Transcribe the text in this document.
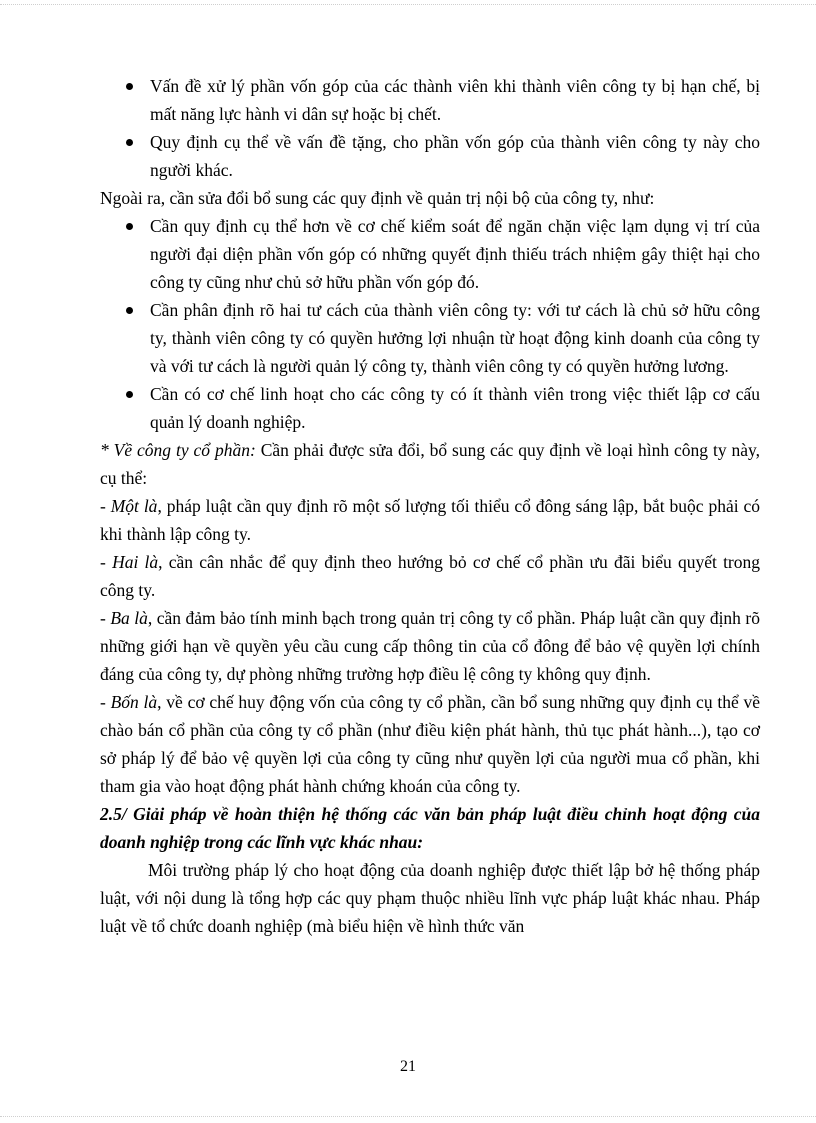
Vấn đề xử lý phần vốn góp của các thành viên khi thành viên công ty bị hạn chế, bị mất năng lực hành vi dân sự hoặc bị chết.
Quy định cụ thể về vấn đề tặng, cho phần vốn góp của thành viên công ty này cho người khác.

Ngoài ra, cần sửa đổi bổ sung các quy định về quản trị nội bộ của công ty, như:

Cần quy định cụ thể hơn về cơ chế kiểm soát để ngăn chặn việc lạm dụng vị trí của người đại diện phần vốn góp có những quyết định thiếu trách nhiệm gây thiệt hại cho công ty cũng như chủ sở hữu phần vốn góp đó.
Cần phân định rõ hai tư cách của thành viên công ty: với tư cách là chủ sở hữu công ty, thành viên công ty có quyền hưởng lợi nhuận từ hoạt động kinh doanh của công ty và với tư cách là người quản lý công ty, thành viên công ty có quyền hưởng lương.
Cần có cơ chế linh hoạt cho các công ty có ít thành viên trong việc thiết lập cơ cấu quản lý doanh nghiệp.

* Về công ty cổ phần: Cần phải được sửa đổi, bổ sung các quy định về loại hình công ty này, cụ thể:

- Một là, pháp luật cần quy định rõ một số lượng tối thiểu cổ đông sáng lập, bắt buộc phải có khi thành lập công ty.

- Hai là, cần cân nhắc để quy định theo hướng bỏ cơ chế cổ phần ưu đãi biểu quyết trong công ty.

- Ba là, cần đảm bảo tính minh bạch trong quản trị công ty cổ phần. Pháp luật cần quy định rõ những giới hạn về quyền yêu cầu cung cấp thông tin của cổ đông để bảo vệ quyền lợi chính đáng của công ty, dự phòng những trường hợp điều lệ công ty không quy định.

- Bốn là, về cơ chế huy động vốn của công ty cổ phần, cần bổ sung những quy định cụ thể về chào bán cổ phần của công ty cổ phần (như điều kiện phát hành, thủ tục phát hành...), tạo cơ sở pháp lý để bảo vệ quyền lợi của công ty cũng như quyền lợi của người mua cổ phần, khi tham gia vào hoạt động phát hành chứng khoán của công ty.

2.5/ Giải pháp về hoàn thiện hệ thống các văn bản pháp luật điều chỉnh hoạt động của doanh nghiệp trong các lĩnh vực khác nhau:

Môi trường pháp lý cho hoạt động của doanh nghiệp được thiết lập bở hệ thống pháp luật, với nội dung là tổng hợp các quy phạm thuộc nhiều lĩnh vực pháp luật khác nhau. Pháp luật về tổ chức doanh nghiệp (mà biểu hiện về hình thức văn

21
